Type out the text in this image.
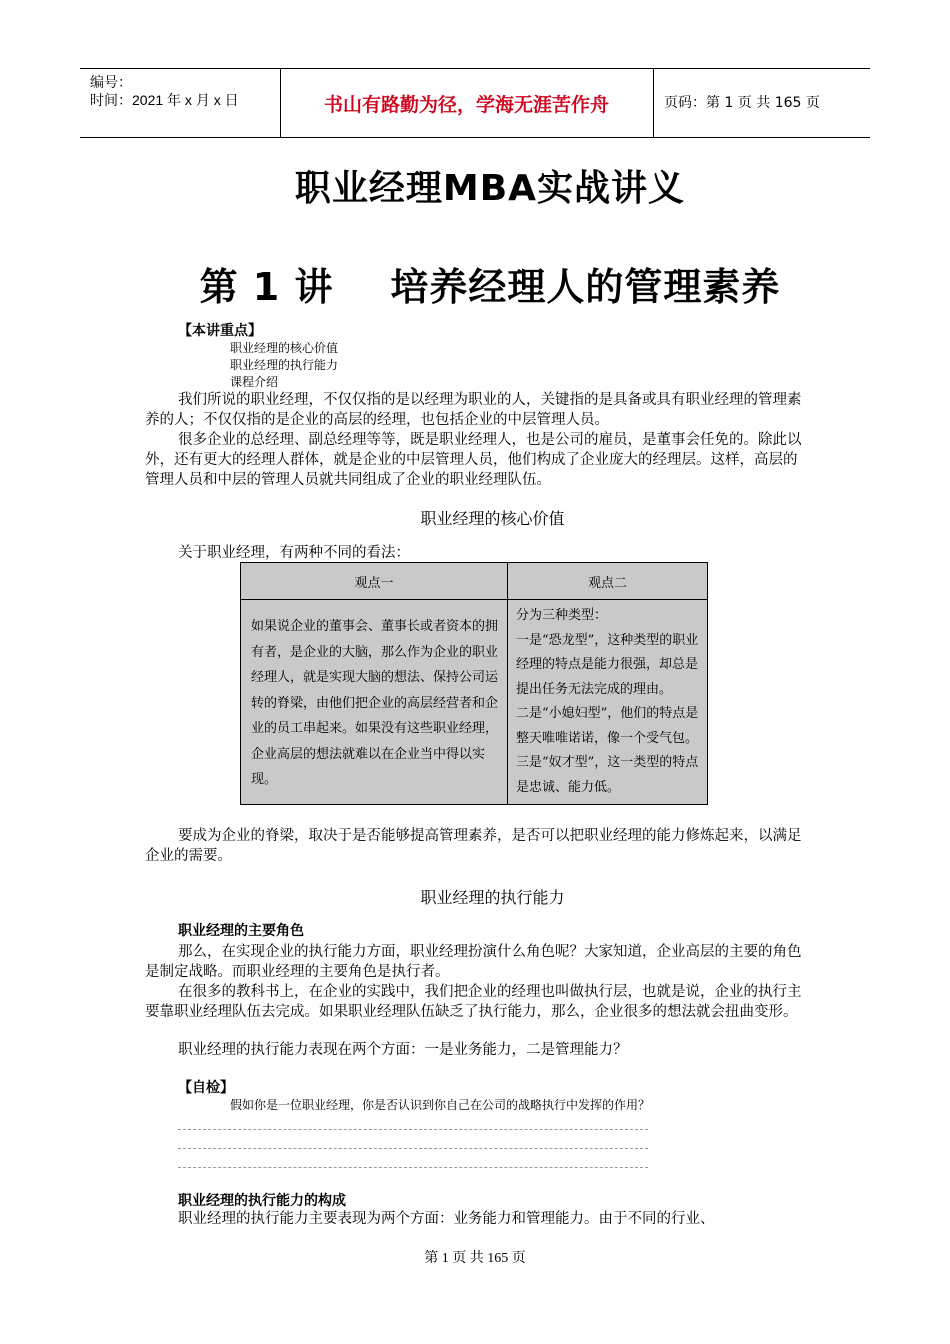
编号：
时间：2021 年 x 月 x 日	书山有路勤为径，学海无涯苦作舟	页码：第 1 页 共 165 页
职业经理MBA实战讲义
第 1 讲    培养经理人的管理素养
【本讲重点】
职业经理的核心价值
职业经理的执行能力
课程介绍
我们所说的职业经理，不仅仅指的是以经理为职业的人，关键指的是具备或具有职业经理的管理素养的人；不仅仅指的是企业的高层的经理，也包括企业的中层管理人员。
很多企业的总经理、副总经理等等，既是职业经理人，也是公司的雇员，是董事会任免的。除此以外，还有更大的经理人群体，就是企业的中层管理人员，他们构成了企业庞大的经理层。这样，高层的管理人员和中层的管理人员就共同组成了企业的职业经理队伍。
职业经理的核心价值
关于职业经理，有两种不同的看法：
观点一	观点二
如果说企业的董事会、董事长或者资本的拥有者，是企业的大脑，那么作为企业的职业经理人，就是实现大脑的想法、保持公司运转的脊梁，由他们把企业的高层经营者和企业的员工串起来。如果没有这些职业经理，企业高层的想法就难以在企业当中得以实现。	分为三种类型：
一是“恐龙型”，这种类型的职业经理的特点是能力很强，却总是提出任务无法完成的理由。
二是“小媳妇型”，他们的特点是整天唯唯诺诺，像一个受气包。
三是“奴才型”，这一类型的特点是忠诚、能力低。
要成为企业的脊梁，取决于是否能够提高管理素养，是否可以把职业经理的能力修炼起来，以满足企业的需要。
职业经理的执行能力
职业经理的主要角色
那么，在实现企业的执行能力方面，职业经理扮演什么角色呢？大家知道，企业高层的主要的角色是制定战略。而职业经理的主要角色是执行者。
在很多的教科书上，在企业的实践中，我们把企业的经理也叫做执行层，也就是说，企业的执行主要靠职业经理队伍去完成。如果职业经理队伍缺乏了执行能力，那么，企业很多的想法就会扭曲变形。
职业经理的执行能力表现在两个方面：一是业务能力，二是管理能力？
【自检】
假如你是一位职业经理，你是否认识到你自己在公司的战略执行中发挥的作用？
职业经理的执行能力的构成
职业经理的执行能力主要表现为两个方面：业务能力和管理能力。由于不同的行业、
第 1 页 共 165 页
